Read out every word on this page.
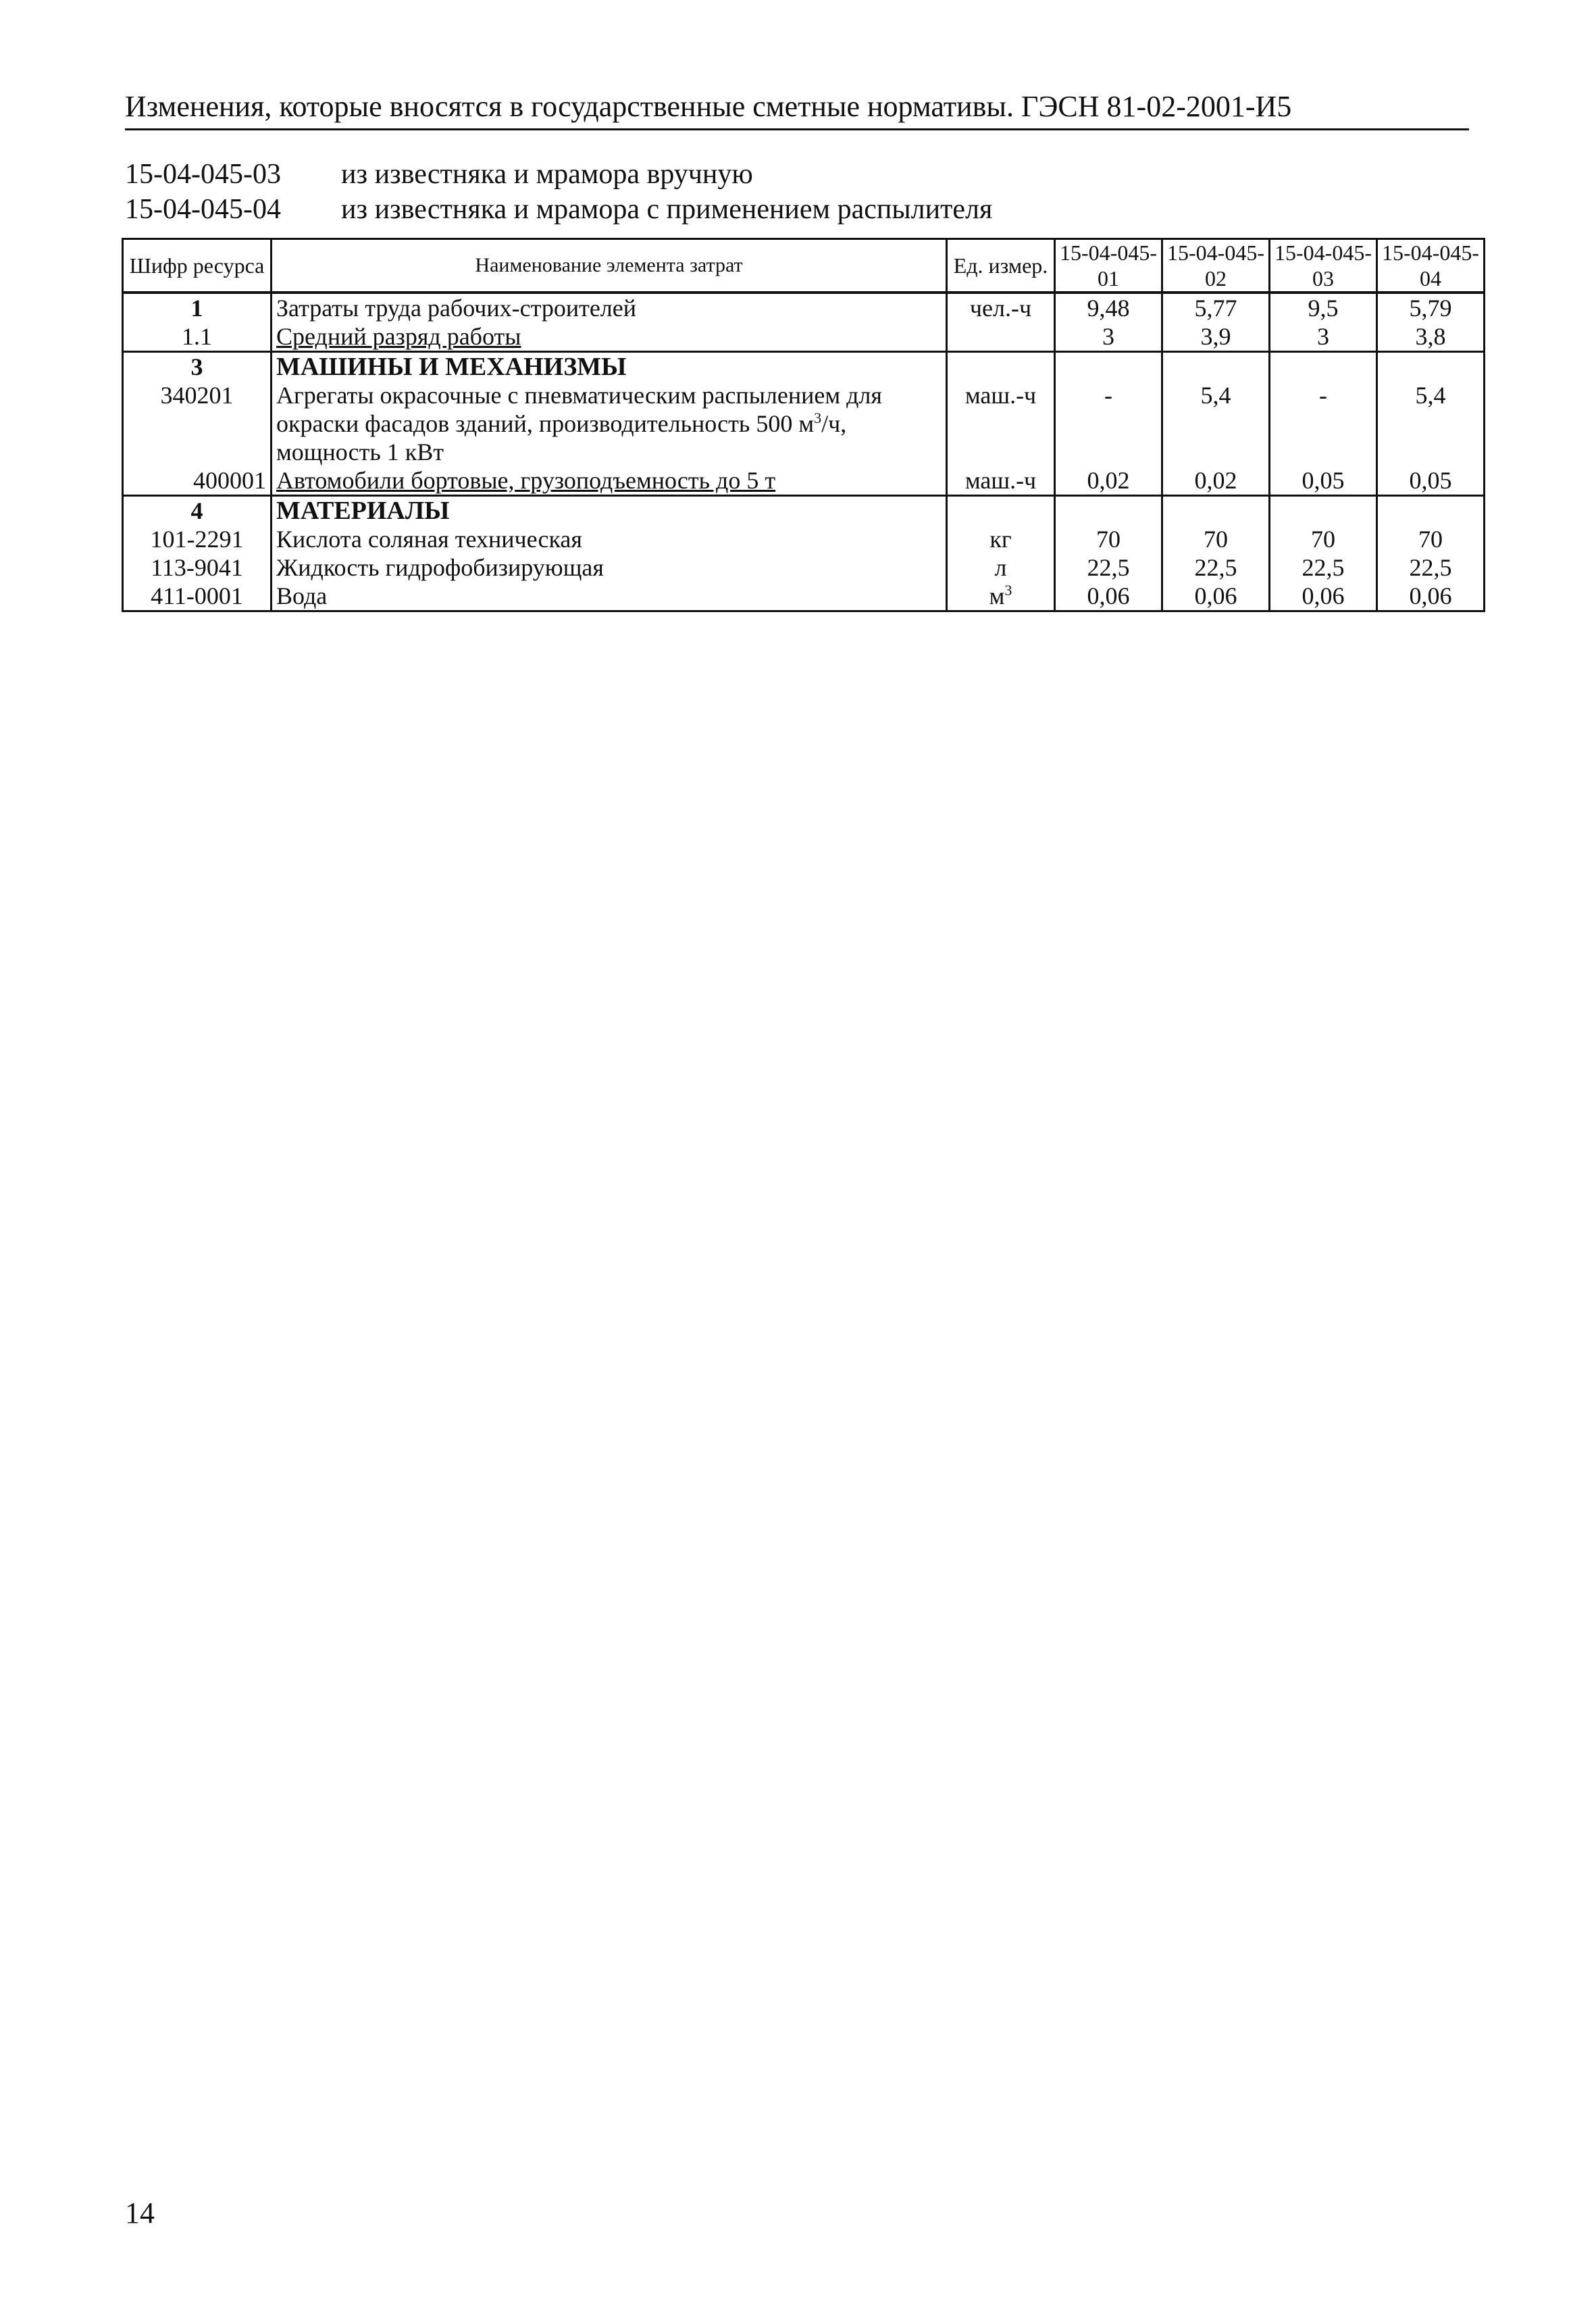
Изменения, которые вносятся в государственные сметные нормативы. ГЭСН 81-02-2001-И5
15-04-045-03	из известняка и мрамора вручную
15-04-045-04	из известняка и мрамора с применением распылителя
Шифр ресурса	Наименование элемента затрат	Ед. измер.	15-04-045-01	15-04-045-02	15-04-045-03	15-04-045-04
1	Затраты труда рабочих-строителей	чел.-ч	9,48	5,77	9,5	5,79
1.1	Средний разряд работы		3	3,9	3	3,8
3	МАШИНЫ И МЕХАНИЗМЫ					
340201	Агрегаты окрасочные с пневматическим распылением для
окраски фасадов зданий, производительность 500 $м^3/ч$,
мощность 1 кВт	маш.-ч	-	5,4	-	5,4
400001	Автомобили бортовые, грузоподъемность до 5 т	маш.-ч	0,02	0,02	0,05	0,05
4	МАТЕРИАЛЫ					
101-2291	Кислота соляная техническая	кг	70	70	70	70
113-9041	Жидкость гидрофобизирующая	л	22,5	22,5	22,5	22,5
411-0001	Вода	$м^3$	0,06	0,06	0,06	0,06
14
